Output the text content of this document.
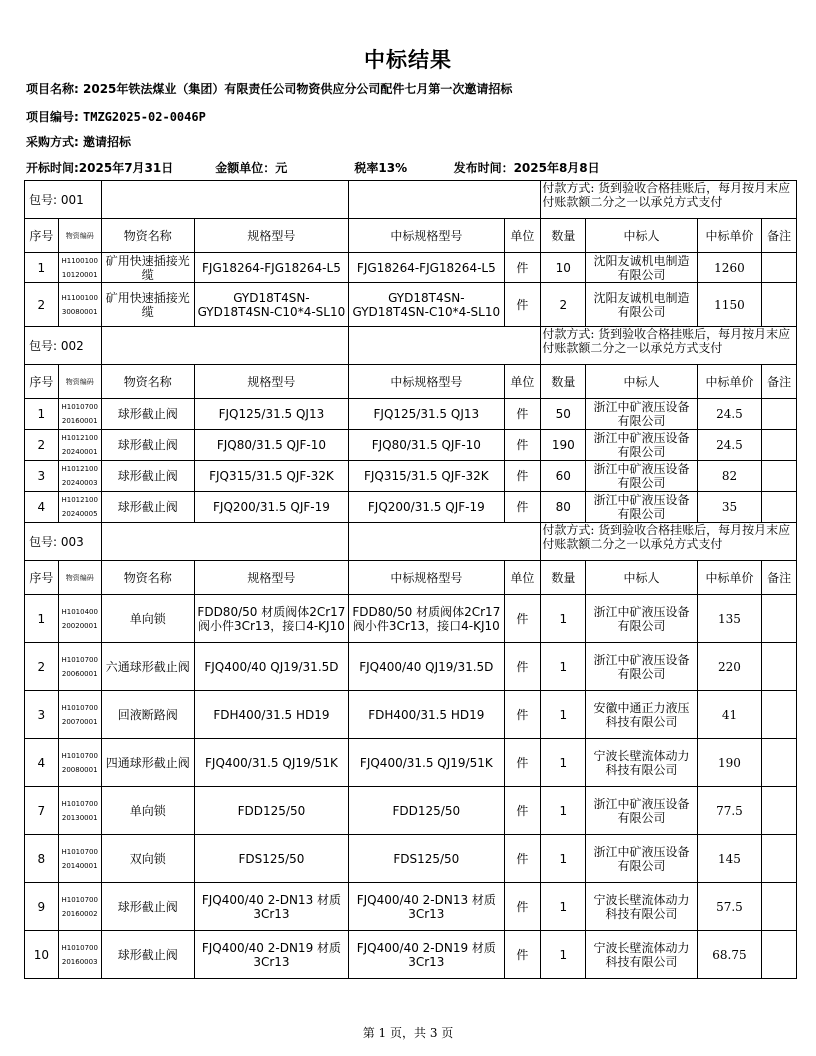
中标结果
项目名称: 2025年铁法煤业（集团）有限责任公司物资供应分公司配件七月第一次邀请招标
项目编号: TMZG2025-02-0046P
采购方式: 邀请招标
开标时间:2025年7月31日	金额单位：元	税率13%	发布时间：2025年8月8日
包号: 001						付款方式: 货到验收合格挂账后，每月按月末应付账款额二分之一以承兑方式支付			
序号	物资编码	物资名称	规格型号	中标规格型号	单位	数量	中标人	中标单价	备注
1	H1100100 10120001	矿用快速插接光缆	FJG18264-FJG18264-L5	FJG18264-FJG18264-L5	件	10	沈阳友诚机电制造有限公司	1260	
2	H1100100 30080001	矿用快速插接光缆	GYD18T4SN-GYD18T4SN-C10*4-SL10	GYD18T4SN-GYD18T4SN-C10*4-SL10	件	2	沈阳友诚机电制造有限公司	1150	
包号: 002						付款方式: 货到验收合格挂账后，每月按月末应付账款额二分之一以承兑方式支付			
序号	物资编码	物资名称	规格型号	中标规格型号	单位	数量	中标人	中标单价	备注
1	H1010700 20160001	球形截止阀	FJQ125/31.5 QJ13	FJQ125/31.5 QJ13	件	50	浙江中矿液压设备有限公司	24.5	
2	H1012100 20240001	球形截止阀	FJQ80/31.5 QJF-10	FJQ80/31.5 QJF-10	件	190	浙江中矿液压设备有限公司	24.5	
3	H1012100 20240003	球形截止阀	FJQ315/31.5 QJF-32K	FJQ315/31.5 QJF-32K	件	60	浙江中矿液压设备有限公司	82	
4	H1012100 20240005	球形截止阀	FJQ200/31.5 QJF-19	FJQ200/31.5 QJF-19	件	80	浙江中矿液压设备有限公司	35	
包号: 003						付款方式: 货到验收合格挂账后，每月按月末应付账款额二分之一以承兑方式支付			
序号	物资编码	物资名称	规格型号	中标规格型号	单位	数量	中标人	中标单价	备注
1	H1010400 20020001	单向锁	FDD80/50 材质阀体2Cr17 阀小件3Cr13，接口4-KJ10	FDD80/50 材质阀体2Cr17 阀小件3Cr13，接口4-KJ10	件	1	浙江中矿液压设备有限公司	135	
2	H1010700 20060001	六通球形截止阀	FJQ400/40 QJ19/31.5D	FJQ400/40 QJ19/31.5D	件	1	浙江中矿液压设备有限公司	220	
3	H1010700 20070001	回液断路阀	FDH400/31.5 HD19	FDH400/31.5 HD19	件	1	安徽中通正力液压科技有限公司	41	
4	H1010700 20080001	四通球形截止阀	FJQ400/31.5 QJ19/51K	FJQ400/31.5 QJ19/51K	件	1	宁波长壁流体动力科技有限公司	190	
7	H1010700 20130001	单向锁	FDD125/50	FDD125/50	件	1	浙江中矿液压设备有限公司	77.5	
8	H1010700 20140001	双向锁	FDS125/50	FDS125/50	件	1	浙江中矿液压设备有限公司	145	
9	H1010700 20160002	球形截止阀	FJQ400/40 2-DN13 材质3Cr13	FJQ400/40 2-DN13 材质3Cr13	件	1	宁波长壁流体动力科技有限公司	57.5	
10	H1010700 20160003	球形截止阀	FJQ400/40 2-DN19 材质3Cr13	FJQ400/40 2-DN19 材质3Cr13	件	1	宁波长壁流体动力科技有限公司	68.75	
第 1 页，共 3 页
